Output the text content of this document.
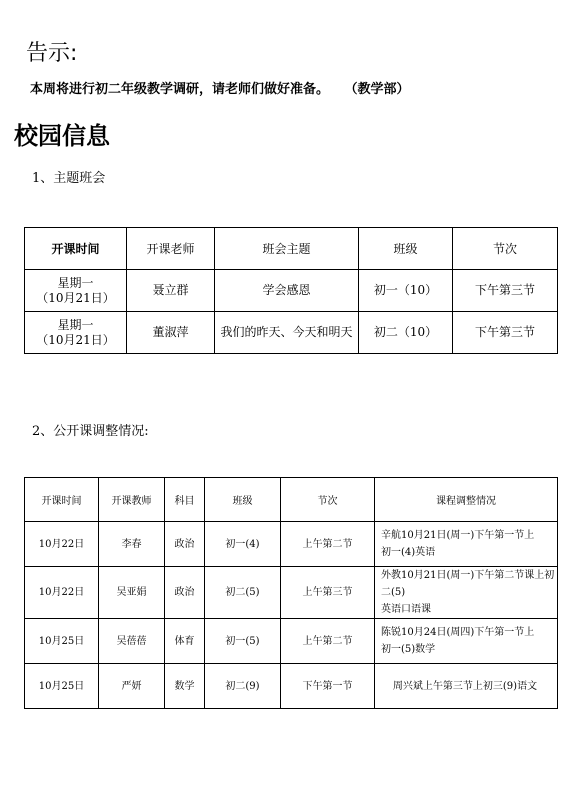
告示:
本周将进行初二年级教学调研，请老师们做好准备。 （教学部）
校园信息
1、主题班会
开课时间	开课老师	班会主题	班级	节次

星期一
（10月21日）	聂立群	学会感恩	初一（10）	下午第三节

星期一
（10月21日）	董淑萍	我们的昨天、今天和明天	初二（10）	下午第三节
2、公开课调整情况:
开课时间	开课教师	科目	班级	节次	课程调整情况
10月22日	李春	政治	初一(4)	上午第二节	辛航10月21日(周一)下午第一节上
初一(4)英语

10月22日	吴亚娟	政治	初二(5)	上午第三节	外教10月21日(周一)下午第二节课上初二(5)
英语口语课

10月25日	吴蓓蓓	体育	初一(5)	上午第二节	陈锐10月24日(周四)下午第一节上
初一(5)数学

10月25日	严妍	数学	初二(9)	下午第一节	周兴斌上午第三节上初三(9)语文
